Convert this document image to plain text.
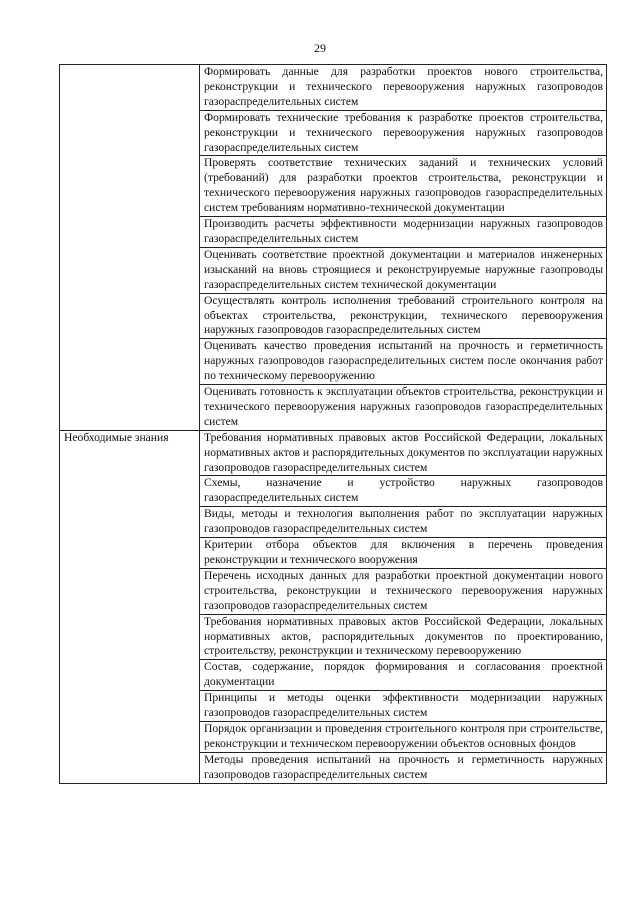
29

	Формировать данные для разработки проектов нового строительства, реконструкции и технического перевооружения наружных газопроводов газораспределительных систем

	Формировать технические требования к разработке проектов строительства, реконструкции и технического перевооружения наружных газопроводов газораспределительных систем

	Проверять соответствие технических заданий и технических условий (требований) для разработки проектов строительства, реконструкции и технического перевооружения наружных газопроводов газораспределительных систем требованиям нормативно-технической документации

	Производить расчеты эффективности модернизации наружных газопроводов газораспределительных систем

	Оценивать соответствие проектной документации и материалов инженерных изысканий на вновь строящиеся и реконструируемые наружные газопроводы газораспределительных систем технической документации

	Осуществлять контроль исполнения требований строительного контроля на объектах строительства, реконструкции, технического перевооружения наружных газопроводов газораспределительных систем

	Оценивать качество проведения испытаний на прочность и герметичность наружных газопроводов газораспределительных систем после окончания работ по техническому перевооружению

	Оценивать готовность к эксплуатации объектов строительства, реконструкции и технического перевооружения наружных газопроводов газораспределительных систем

Необходимые знания	Требования нормативных правовых актов Российской Федерации, локальных нормативных актов и распорядительных документов по эксплуатации наружных газопроводов газораспределительных систем

	Схемы, назначение и устройство наружных газопроводов газораспределительных систем

	Виды, методы и технология выполнения работ по эксплуатации наружных газопроводов газораспределительных систем

	Критерии отбора объектов для включения в перечень проведения реконструкции и технического вооружения

	Перечень исходных данных для разработки проектной документации нового строительства, реконструкции и технического перевооружения наружных газопроводов газораспределительных систем

	Требования нормативных правовых актов Российской Федерации, локальных нормативных актов, распорядительных документов по проектированию, строительству, реконструкции и техническому перевооружению

	Состав, содержание, порядок формирования и согласования проектной документации

	Принципы и методы оценки эффективности модернизации наружных газопроводов газораспределительных систем

	Порядок организации и проведения строительного контроля при строительстве, реконструкции и техническом перевооружении объектов основных фондов

	Методы проведения испытаний на прочность и герметичность наружных газопроводов газораспределительных систем
